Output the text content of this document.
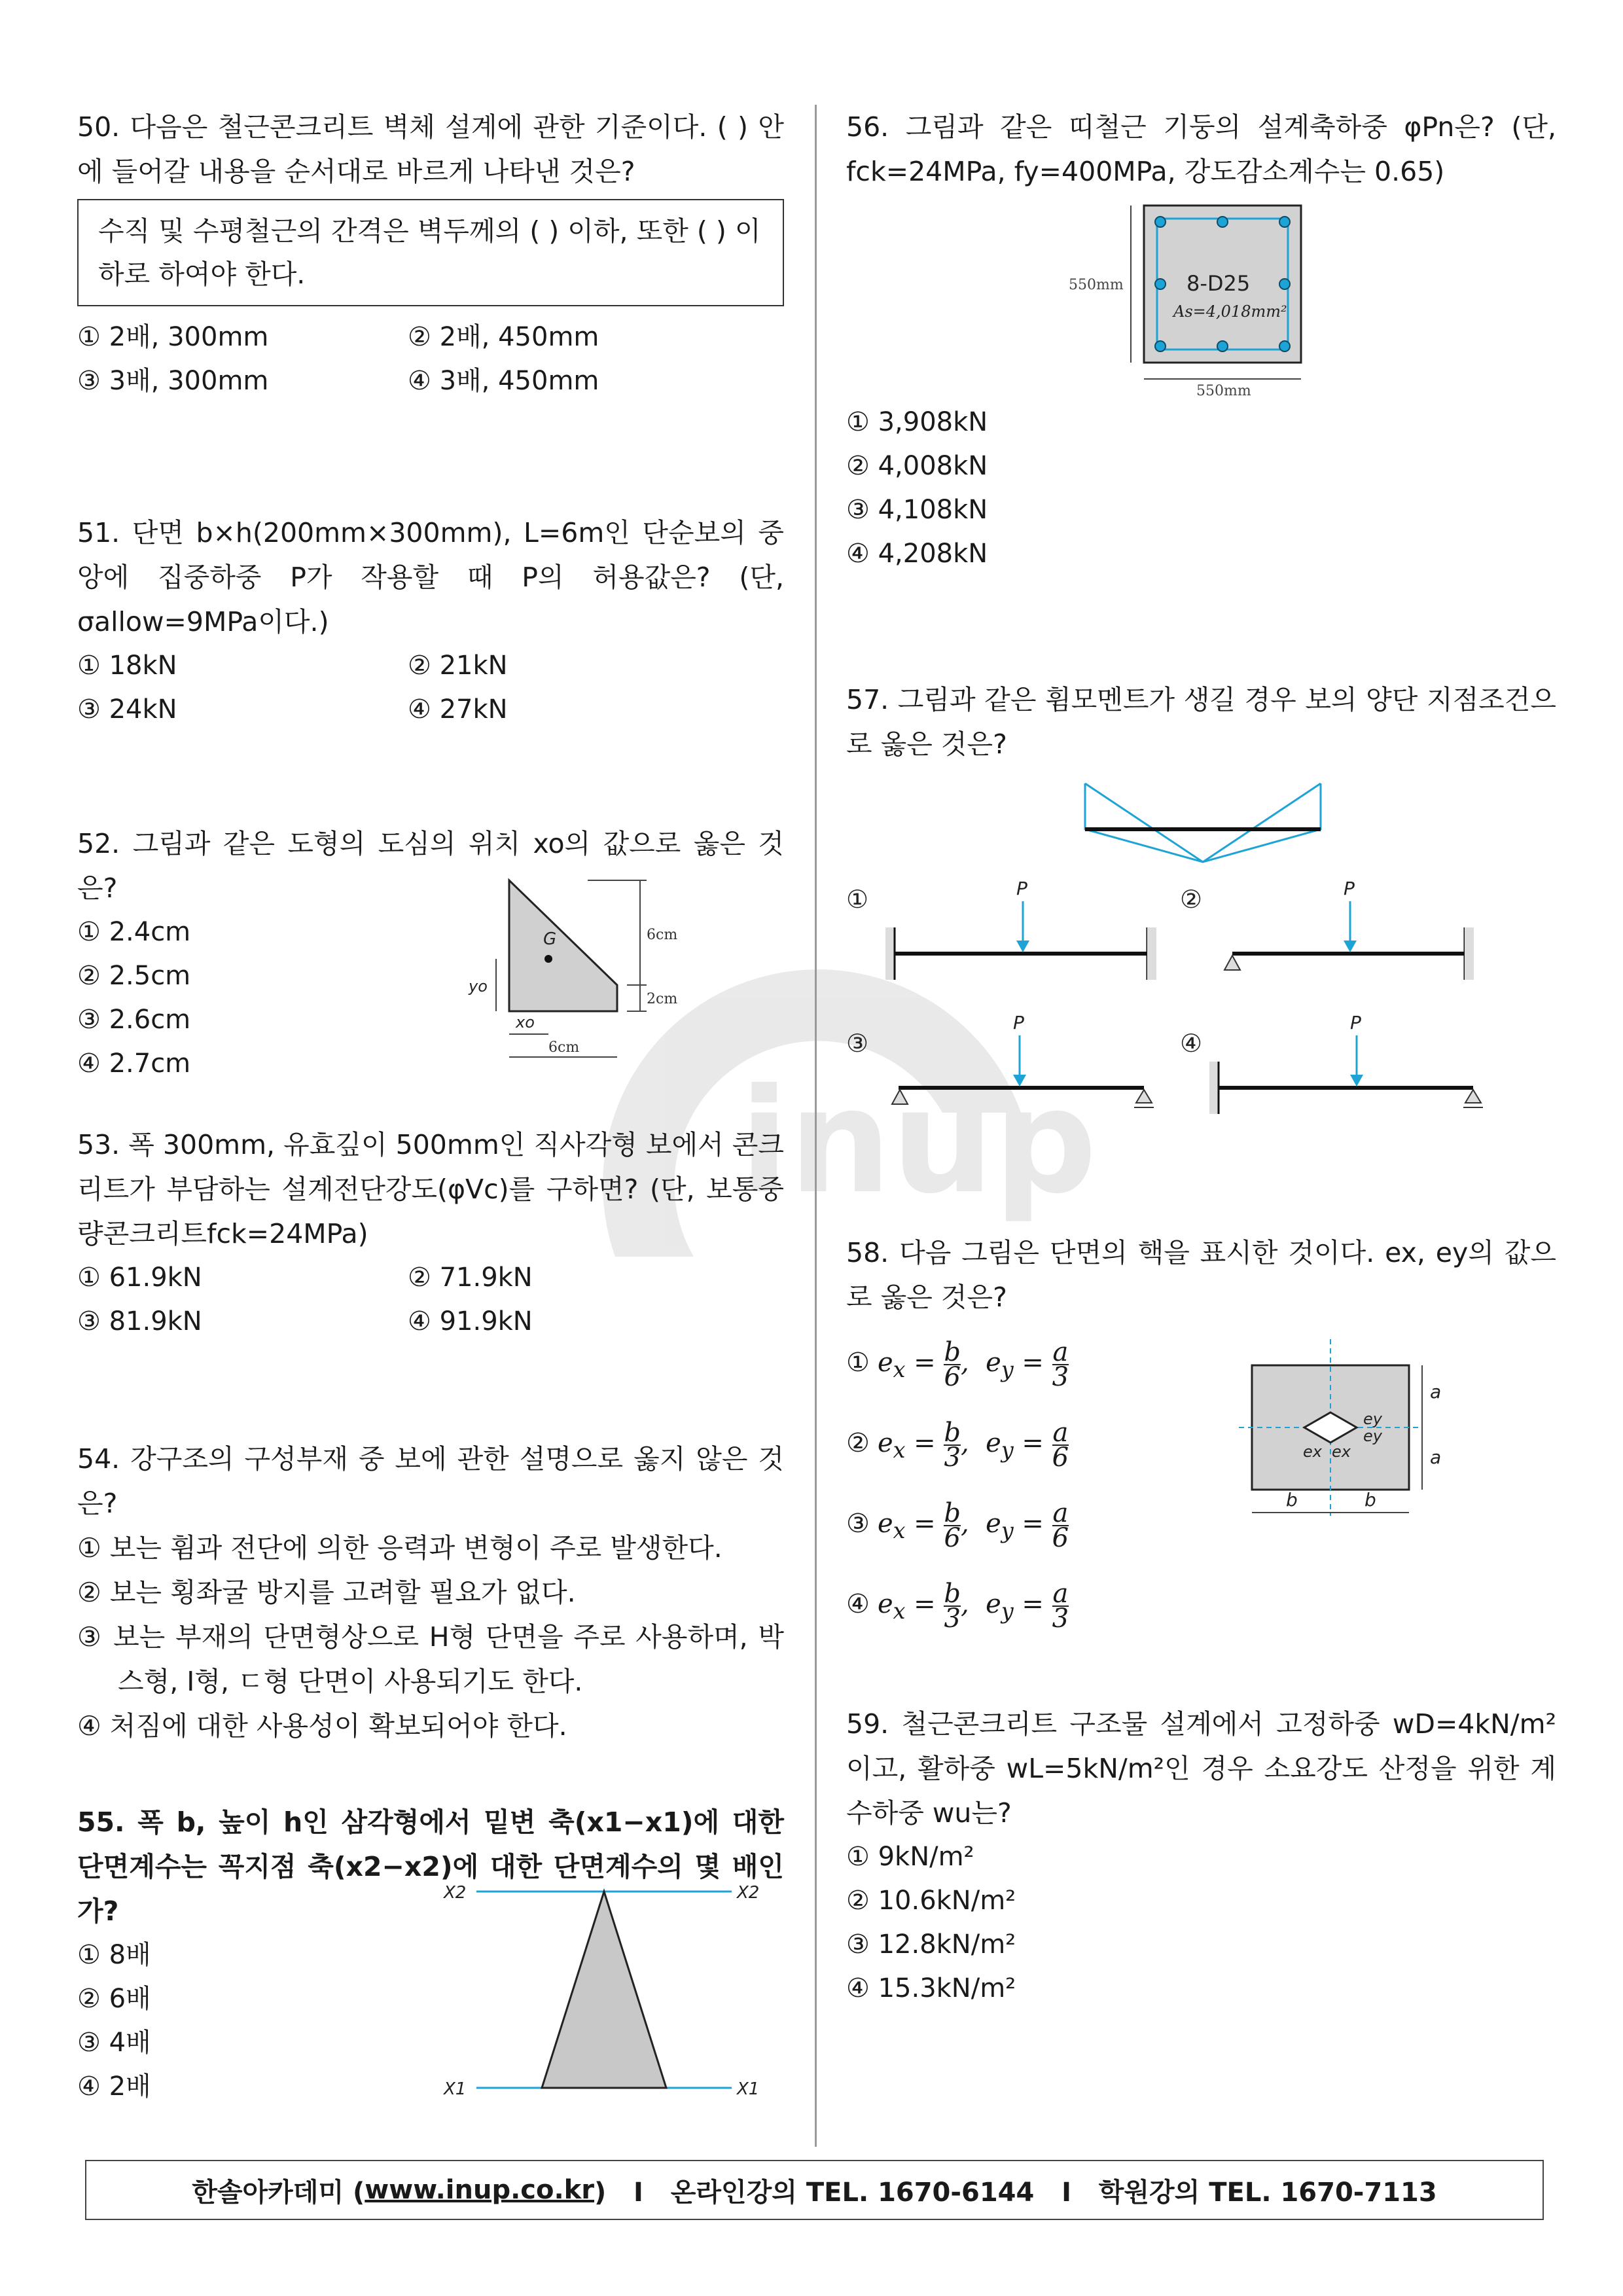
inup
50. 다음은 철근콘크리트 벽체 설계에 관한 기준이다. ( ) 안에 들어갈 내용을 순서대로 바르게 나타낸 것은?
수직 및 수평철근의 간격은 벽두께의 ( ) 이하, 또한 ( ) 이하로 하여야 한다.
① 2배, 300mm	② 2배, 450mm
③ 3배, 300mm	④ 3배, 450mm
51. 단면 b×h(200mm×300mm), L=6m인 단순보의 중앙에 집중하중 P가 작용할 때 P의 허용값은? (단, σallow=9MPa이다.)
① 18kN	② 21kN
③ 24kN	④ 27kN
52. 그림과 같은 도형의 도심의 위치 xo의 값으로 옳은 것은?
① 2.4cm
② 2.5cm
③ 2.6cm
④ 2.7cm
G	6cm
2cm
yo
xo
6cm
53. 폭 300mm, 유효깊이 500mm인 직사각형 보에서 콘크리트가 부담하는 설계전단강도(φVc)를 구하면? (단, 보통중량콘크리트fck=24MPa)
① 61.9kN	② 71.9kN
③ 81.9kN	④ 91.9kN
54. 강구조의 구성부재 중 보에 관한 설명으로 옳지 않은 것은?
① 보는 휨과 전단에 의한 응력과 변형이 주로 발생한다.
② 보는 횡좌굴 방지를 고려할 필요가 없다.
③ 보는 부재의 단면형상으로 H형 단면을 주로 사용하며, 박스형, I형, ㄷ형 단면이 사용되기도 한다.
④ 처짐에 대한 사용성이 확보되어야 한다.
55. 폭 b, 높이 h인 삼각형에서 밑변 축(x1−x1)에 대한 단면계수는 꼭지점 축(x2−x2)에 대한 단면계수의 몇 배인가?
① 8배
② 6배
③ 4배
④ 2배
X2	X2
X1	X1
56. 그림과 같은 띠철근 기둥의 설계축하중 φPn은? (단, fck=24MPa, fy=400MPa, 강도감소계수는 0.65)
8-D25
As=4,018mm²
550mm
550mm
① 3,908kN
② 4,008kN
③ 4,108kN
④ 4,208kN
57. 그림과 같은 휨모멘트가 생길 경우 보의 양단 지점조건으로 옳은 것은?
①	P	②	P
③
P
④
P
58. 다음 그림은 단면의 핵을 표시한 것이다. ex, ey의 값으로 옳은 것은?
① $e_x = \frac{b}{6}$ ,  $e_y = \frac{a}{3}$
② $e_x = \frac{b}{3}$ ,  $e_y = \frac{a}{6}$
③ $e_x = \frac{b}{6}$ ,  $e_y = \frac{a}{6}$
④ $e_x = \frac{b}{3}$ ,  $e_y = \frac{a}{3}$
ex ex
ey
ey
a
a
b	b
59. 철근콘크리트 구조물 설계에서 고정하중 wD=4kN/m²이고, 활하중 wL=5kN/m²인 경우 소요강도 산정을 위한 계수하중 wu는?
① 9kN/m²
② 10.6kN/m²
③ 12.8kN/m²
④ 15.3kN/m²
한솔아카데미 ( www.inup.co.kr )   I   온라인강의 TEL. 1670-6144   I   학원강의 TEL. 1670-7113
